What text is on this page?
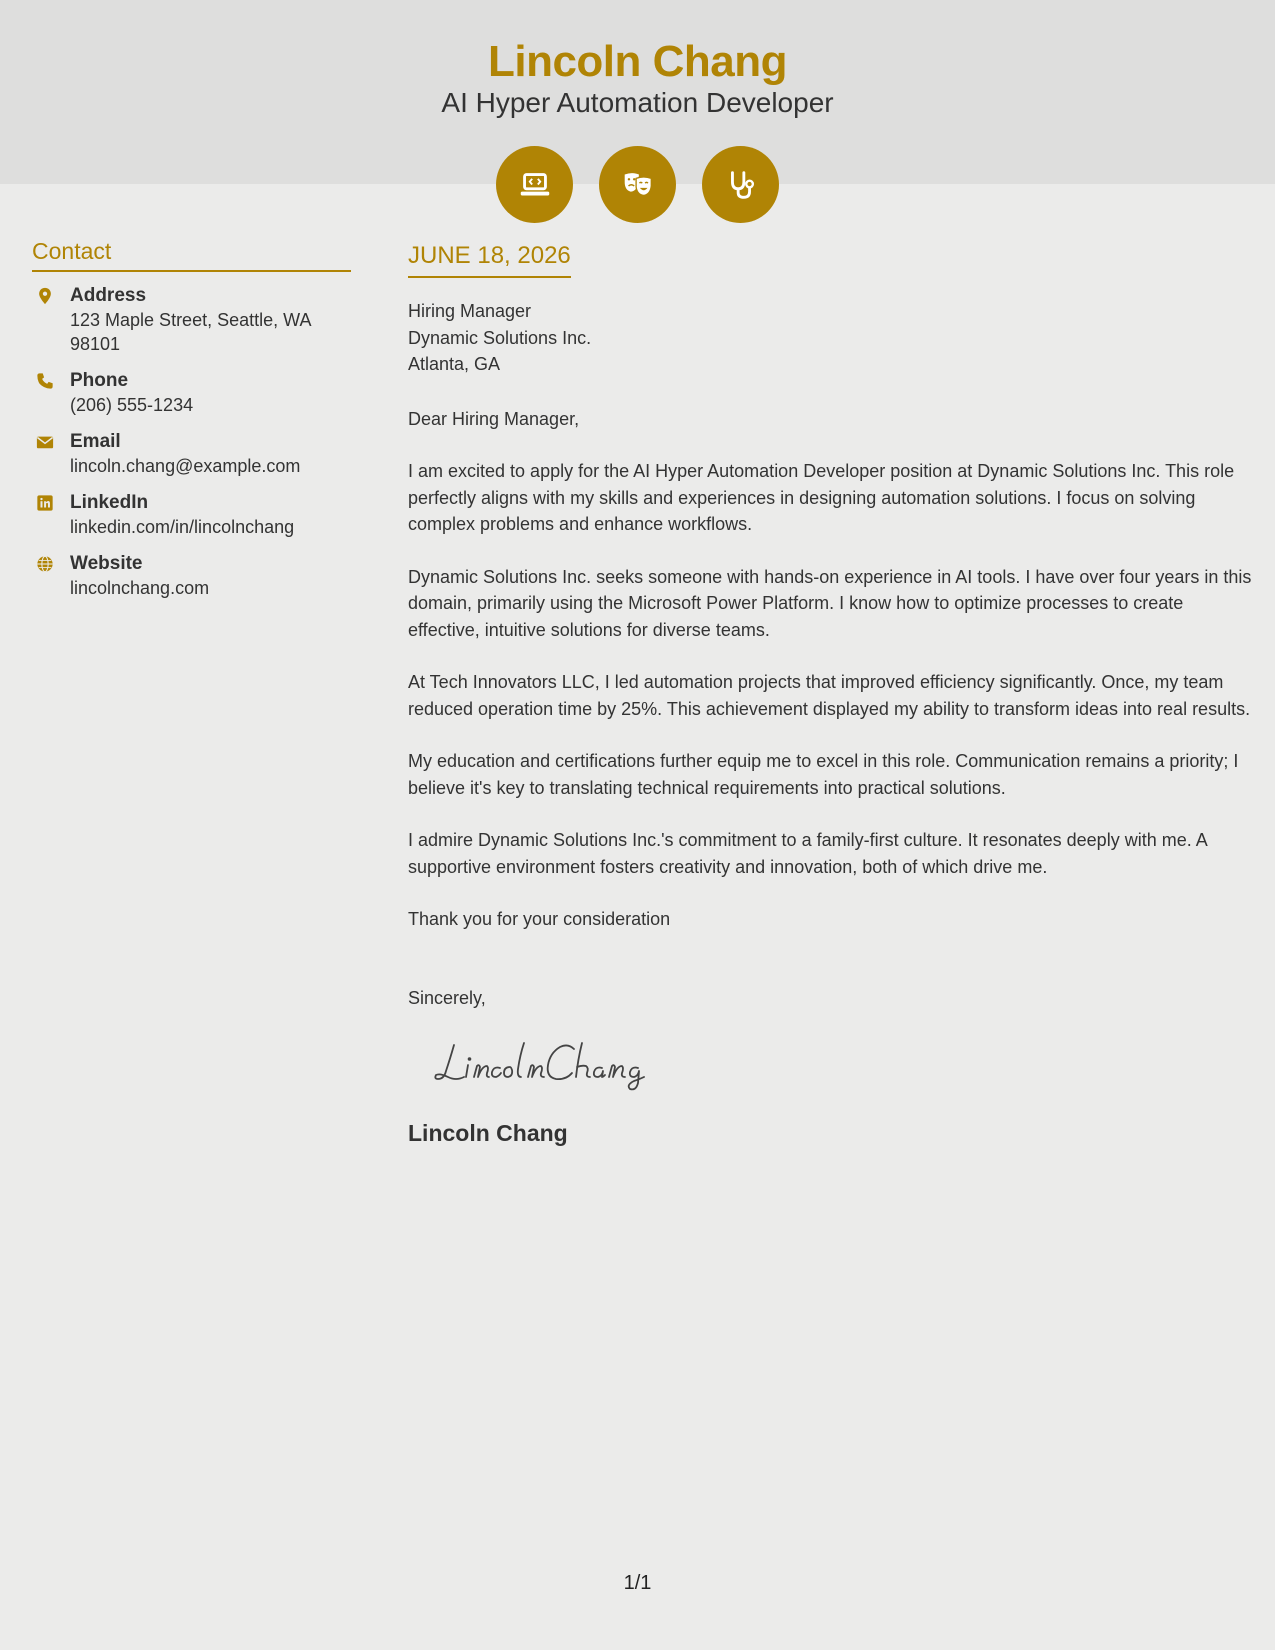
Lincoln Chang
AI Hyper Automation Developer
Contact
Address
123 Maple Street, Seattle, WA 98101
Phone
(206) 555-1234
Email
lincoln.chang@example.com
LinkedIn
linkedin.com/in/lincolnchang
Website
lincolnchang.com
JUNE 18, 2026
Hiring Manager
Dynamic Solutions Inc.
Atlanta, GA
Dear Hiring Manager,
I am excited to apply for the AI Hyper Automation Developer position at Dynamic Solutions Inc. This role perfectly aligns with my skills and experiences in designing automation solutions. I focus on solving complex problems and enhance workflows.
Dynamic Solutions Inc. seeks someone with hands-on experience in AI tools. I have over four years in this domain, primarily using the Microsoft Power Platform. I know how to optimize processes to create effective, intuitive solutions for diverse teams.
At Tech Innovators LLC, I led automation projects that improved efficiency significantly. Once, my team reduced operation time by 25%. This achievement displayed my ability to transform ideas into real results.
My education and certifications further equip me to excel in this role. Communication remains a priority; I believe it's key to translating technical requirements into practical solutions.
I admire Dynamic Solutions Inc.'s commitment to a family-first culture. It resonates deeply with me. A supportive environment fosters creativity and innovation, both of which drive me.
Thank you for your consideration
Sincerely,
Lincoln Chang
1/1
